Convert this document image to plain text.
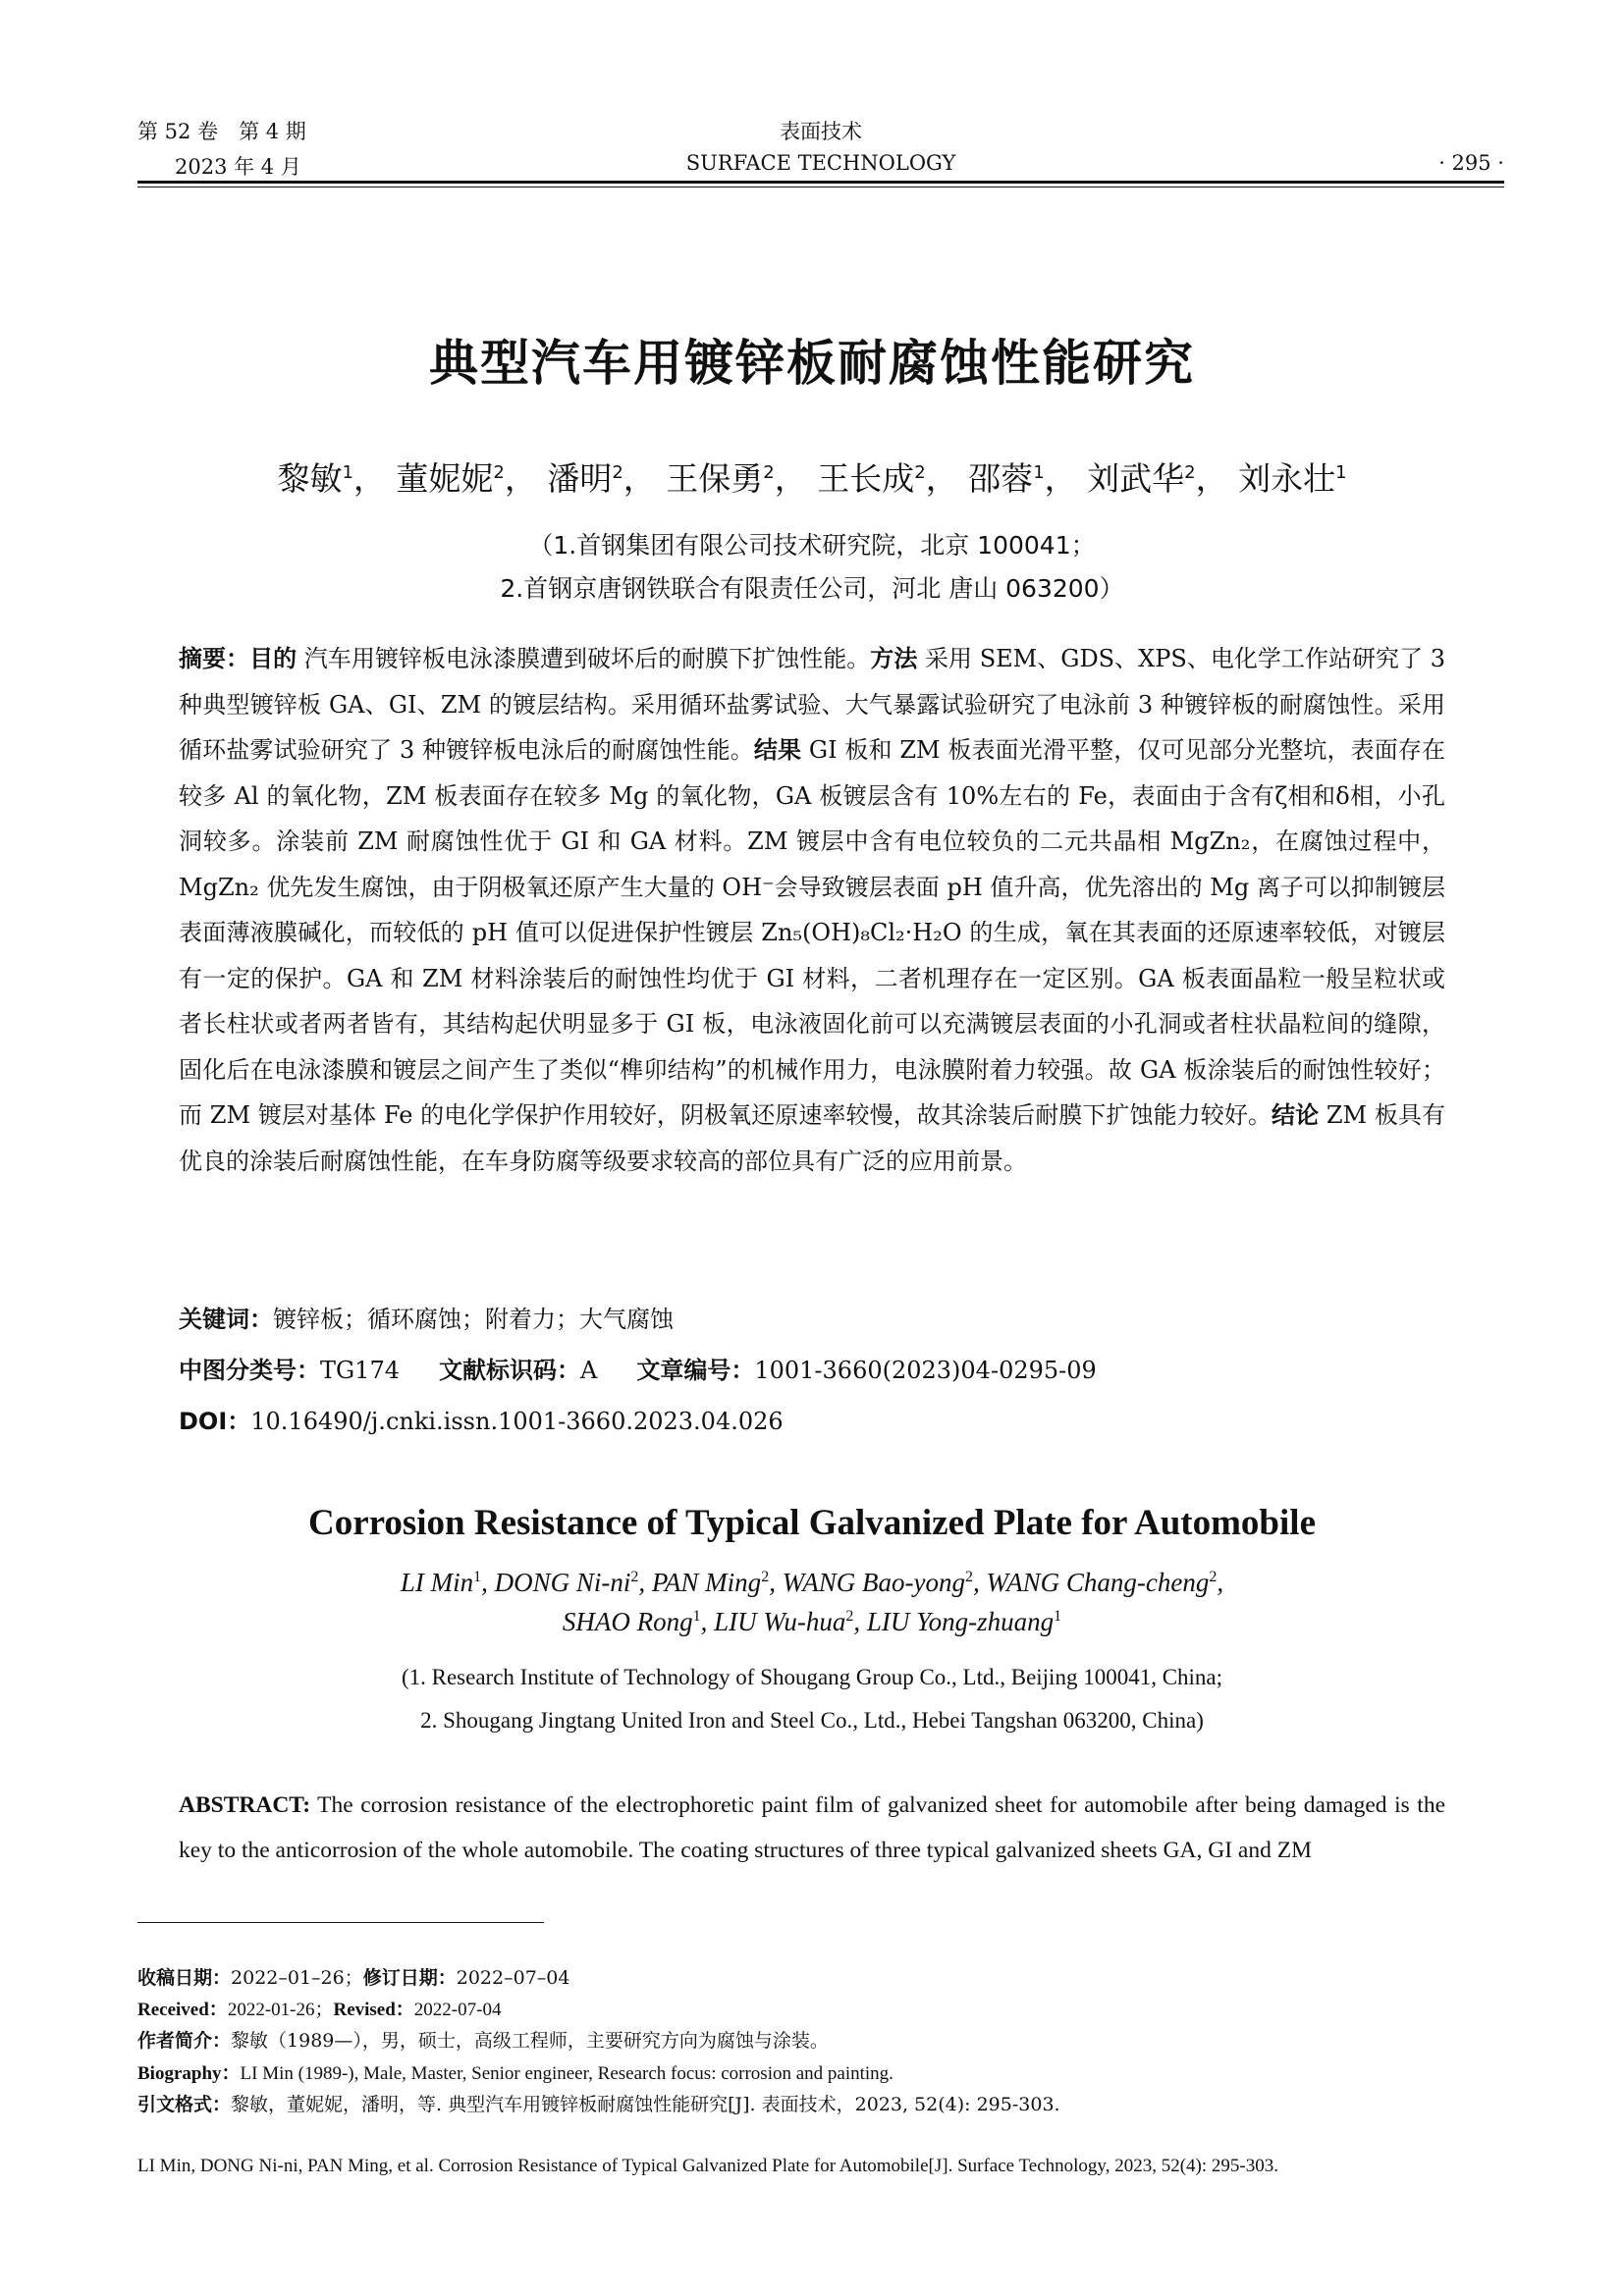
第 52 卷　第 4 期
2023 年 4 月
表面技术
SURFACE TECHNOLOGY	· 295 ·
典型汽车用镀锌板耐腐蚀性能研究
黎敏$^1$， 董妮妮$^2$， 潘明$^2$， 王保勇$^2$， 王长成$^2$， 邵蓉$^1$， 刘武华$^2$， 刘永壮$^1$
（1.首钢集团有限公司技术研究院，北京 100041；
2.首钢京唐钢铁联合有限责任公司，河北 唐山 063200）
摘要：目的 汽车用镀锌板电泳漆膜遭到破坏后的耐膜下扩蚀性能。方法 采用 SEM、GDS、XPS、电化学工作站研究了 3 种典型镀锌板 GA、GI、ZM 的镀层结构。采用循环盐雾试验、大气暴露试验研究了电泳前 3 种镀锌板的耐腐蚀性。采用循环盐雾试验研究了 3 种镀锌板电泳后的耐腐蚀性能。结果 GI 板和 ZM 板表面光滑平整，仅可见部分光整坑，表面存在较多 Al 的氧化物，ZM 板表面存在较多 Mg 的氧化物，GA 板镀层含有 10%左右的 Fe，表面由于含有ζ相和δ相，小孔洞较多。涂装前 ZM 耐腐蚀性优于 GI 和 GA 材料。ZM 镀层中含有电位较负的二元共晶相 MgZn₂，在腐蚀过程中，MgZn₂ 优先发生腐蚀，由于阴极氧还原产生大量的 OH⁻会导致镀层表面 pH 值升高，优先溶出的 Mg 离子可以抑制镀层表面薄液膜碱化，而较低的 pH 值可以促进保护性镀层 Zn₅(OH)₈Cl₂·H₂O 的生成，氧在其表面的还原速率较低，对镀层有一定的保护。GA 和 ZM 材料涂装后的耐蚀性均优于 GI 材料，二者机理存在一定区别。GA 板表面晶粒一般呈粒状或者长柱状或者两者皆有，其结构起伏明显多于 GI 板，电泳液固化前可以充满镀层表面的小孔洞或者柱状晶粒间的缝隙，固化后在电泳漆膜和镀层之间产生了类似“榫卯结构”的机械作用力，电泳膜附着力较强。故 GA 板涂装后的耐蚀性较好；而 ZM 镀层对基体 Fe 的电化学保护作用较好，阴极氧还原速率较慢，故其涂装后耐膜下扩蚀能力较好。结论 ZM 板具有优良的涂装后耐腐蚀性能，在车身防腐等级要求较高的部位具有广泛的应用前景。
关键词：镀锌板；循环腐蚀；附着力；大气腐蚀
中图分类号：TG174 文献标识码：A 文章编号：1001-3660(2023)04-0295-09
DOI：10.16490/j.cnki.issn.1001-3660.2023.04.026
Corrosion Resistance of Typical Galvanized Plate for Automobile
LI Min$^1$, DONG $Ni-ni^2$, PAN Ming$^2$, WANG Bao-yong$^2$, WANG Chang-cheng$^2$,
SHAO Rong$^1$, LIU Wu-hua$^2$, LIU Yong-zhuang$^1$
(1. Research Institute of Technology of Shougang Group Co., Ltd., Beijing 100041, China;
2. Shougang Jingtang United Iron and Steel Co., Ltd., Hebei Tangshan 063200, China)
ABSTRACT: The corrosion resistance of the electrophoretic paint film of galvanized sheet for automobile after being damaged is the key to the anticorrosion of the whole automobile. The coating structures of three typical galvanized sheets GA, GI and ZM
收稿日期：2022–01–26；修订日期：2022–07–04
Received：2022-01-26；Revised：2022-07-04
作者简介：黎敏（1989—），男，硕士，高级工程师，主要研究方向为腐蚀与涂装。
Biography：LI Min (1989-), Male, Master, Senior engineer, Research focus: corrosion and painting.
引文格式：黎敏，董妮妮，潘明，等. 典型汽车用镀锌板耐腐蚀性能研究[J]. 表面技术，2023, 52(4): 295-303.
LI Min, DONG Ni-ni, PAN Ming, et al. Corrosion Resistance of Typical Galvanized Plate for Automobile[J]. Surface Technology, 2023, 52(4): 295-303.
